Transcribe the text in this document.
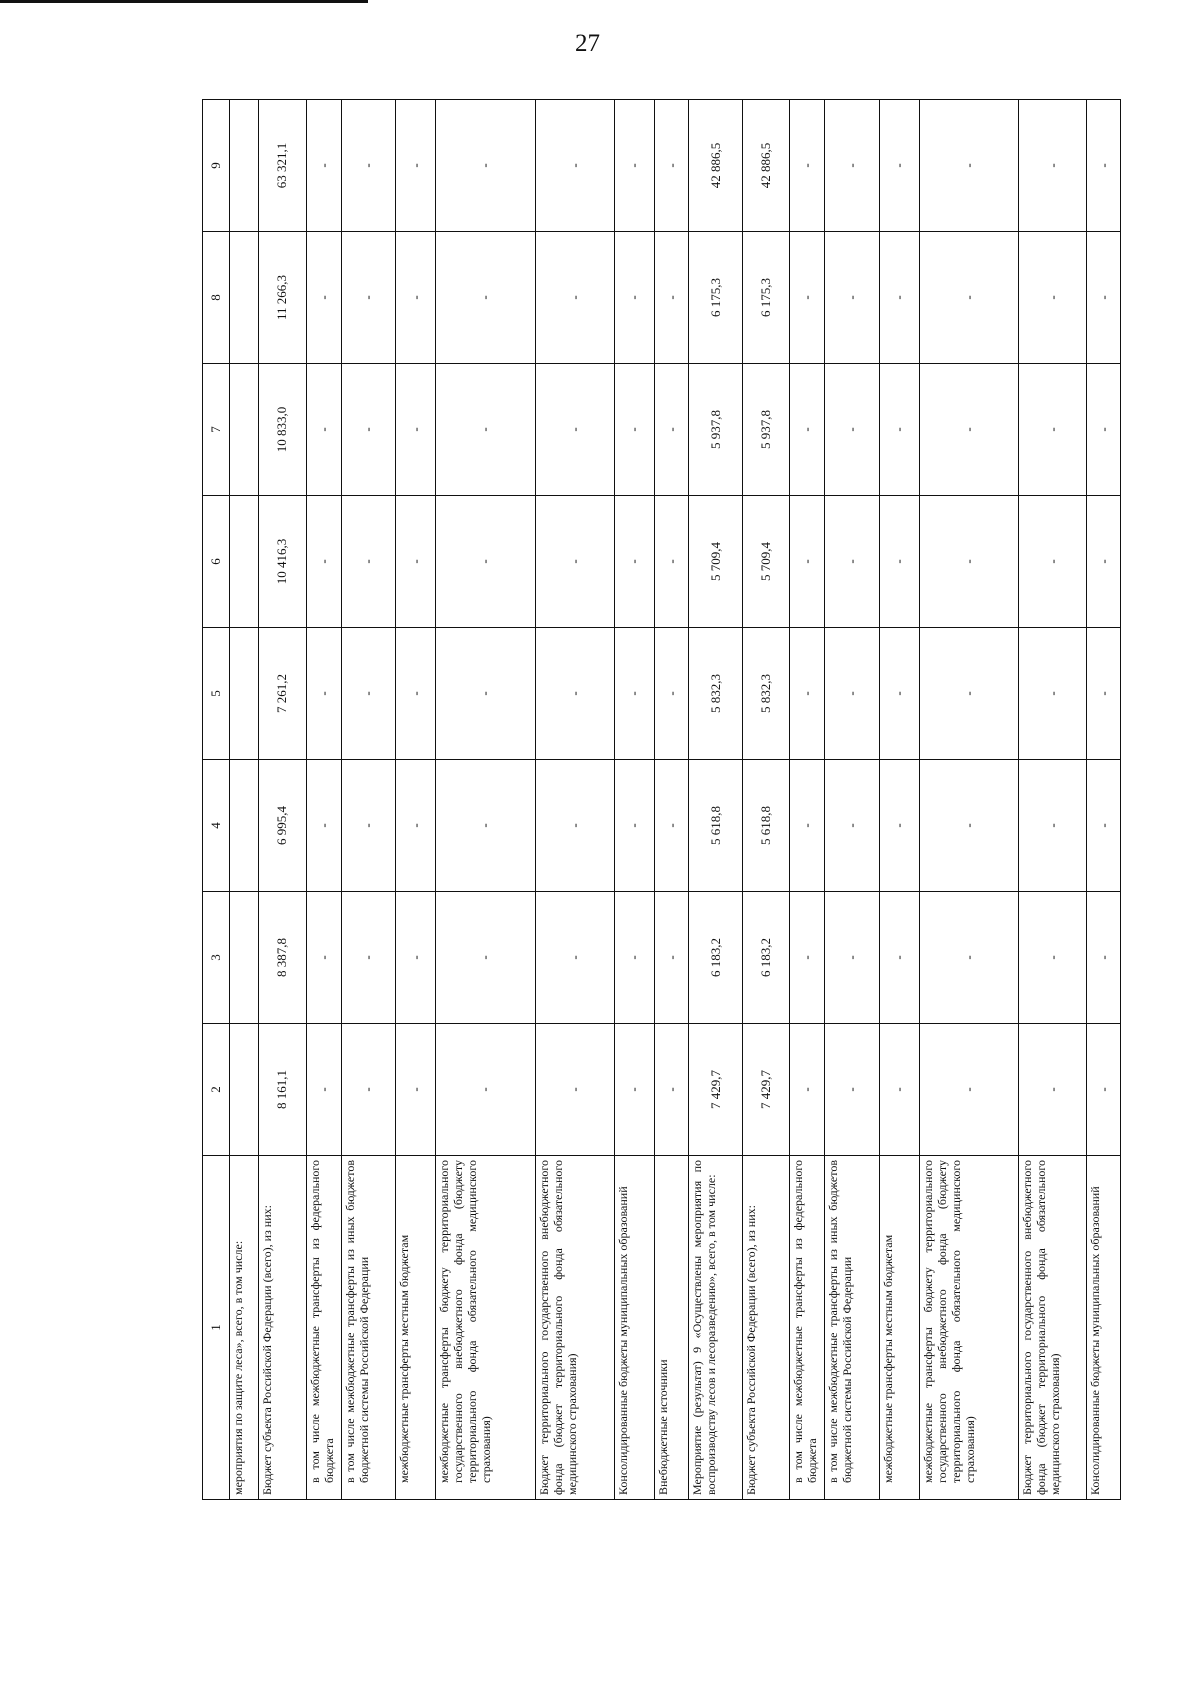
27
1	2	3	4	5	6	7	8	9
мероприятия по защите леса», всего, в том числе:								
Бюджет субъекта Российской Федерации (всего), из них:	8 161,1	8 387,8	6 995,4	7 261,2	10 416,3	10 833,0	11 266,3	63 321,1
в том числе межбюджетные трансферты из федерального бюджета	-	-	-	-	-	-	-	-
в том числе межбюджетные трансферты из иных бюджетов бюджетной системы Российской Федерации	-	-	-	-	-	-	-	-
межбюджетные трансферты местным бюджетам	-	-	-	-	-	-	-	-
межбюджетные трансферты бюджету территориального государственного внебюджетного фонда (бюджету территориального фонда обязательного медицинского страхования)	-	-	-	-	-	-	-	-
Бюджет территориального государственного внебюджетного фонда (бюджет территориального фонда обязательного медицинского страхования)	-	-	-	-	-	-	-	-
Консолидированные бюджеты муниципальных образований	-	-	-	-	-	-	-	-
Внебюджетные источники	-	-	-	-	-	-	-	-
Мероприятие (результат) 9 «Осуществлены мероприятия по воспроизводству лесов и лесоразведению», всего, в том числе:	7 429,7	6 183,2	5 618,8	5 832,3	5 709,4	5 937,8	6 175,3	42 886,5
Бюджет субъекта Российской Федерации (всего), из них:	7 429,7	6 183,2	5 618,8	5 832,3	5 709,4	5 937,8	6 175,3	42 886,5
в том числе межбюджетные трансферты из федерального бюджета	-	-	-	-	-	-	-	-
в том числе межбюджетные трансферты из иных бюджетов бюджетной системы Российской Федерации	-	-	-	-	-	-	-	-
межбюджетные трансферты местным бюджетам	-	-	-	-	-	-	-	-
межбюджетные трансферты бюджету территориального государственного внебюджетного фонда (бюджету территориального фонда обязательного медицинского страхования)	-	-	-	-	-	-	-	-
Бюджет территориального государственного внебюджетного фонда (бюджет территориального фонда обязательного медицинского страхования)	-	-	-	-	-	-	-	-
Консолидированные бюджеты муниципальных образований	-	-	-	-	-	-	-	-
